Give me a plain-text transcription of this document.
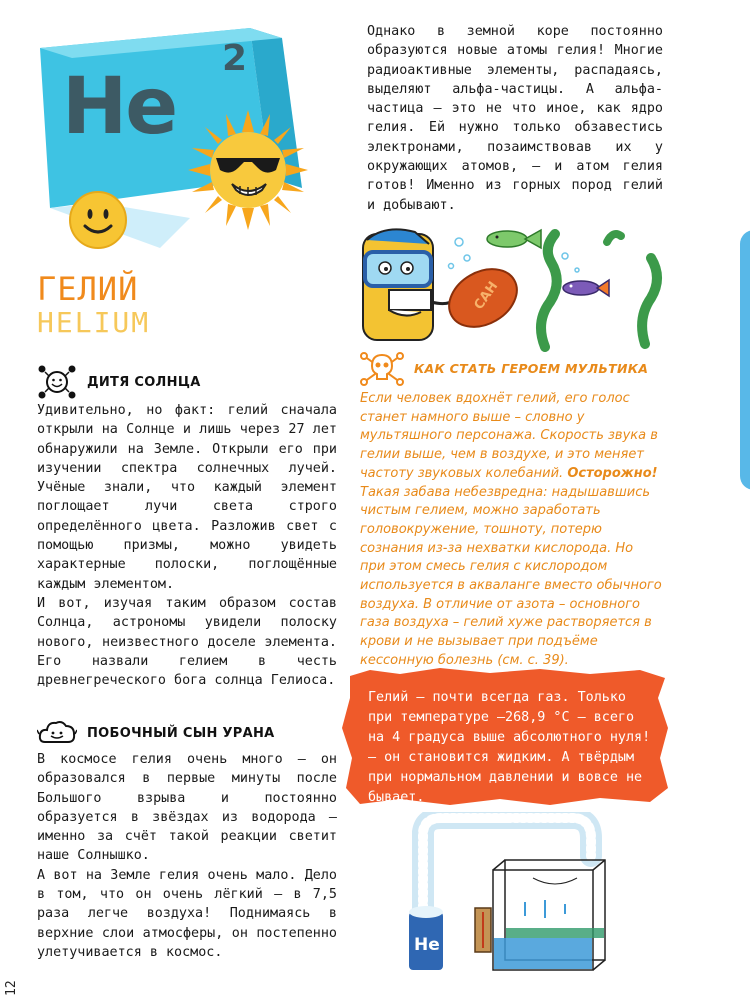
He
2
ГЕЛИЙ
HELIUM
ДИТЯ СОЛНЦА

Удивительно, но факт: гелий сначала открыли на Солнце и лишь через 27 лет обнаружили на Земле. Открыли его при изучении спектра солнечных лучей. Учёные знали, что каждый элемент поглощает лучи света строго определённого цвета. Разложив свет с помощью призмы, можно увидеть характерные полоски, поглощённые каждым элементом.

И вот, изучая таким образом состав Солнца, астрономы увидели полоску нового, неизвестного доселе элемента. Его назвали гелием в честь древнегреческого бога солнца Гелиоса.

ПОБОЧНЫЙ СЫН УРАНА

В космосе гелия очень много – он образовался в первые минуты после Большого взрыва и постоянно образуется в звёздах из водорода – именно за счёт такой реакции светит наше Солнышко.

А вот на Земле гелия очень мало. Дело в том, что он очень лёгкий – в 7,5 раза легче воздуха! Поднимаясь в верхние слои атмосферы, он постепенно улетучивается в космос.

Однако в земной коре постоянно образуются новые атомы гелия! Многие радиоактивные элементы, распадаясь, выделяют альфа-частицы. А альфа-частица – это не что иное, как ядро гелия. Ей нужно только обзавестись электронами, позаимствовав их у окружающих атомов, – и атом гелия готов! Именно из горных пород гелий и добывают.
САН
КАК СТАТЬ ГЕРОЕМ МУЛЬТИКА
Если человек вдохнёт гелий, его голос станет намного выше – словно у мультяшного персонажа. Скорость звука в гелии выше, чем в воздухе, и это меняет частоту звуковых колебаний. Осторожно! Такая забава небезвредна: надышавшись чистым гелием, можно заработать головокружение, тошноту, потерю сознания из-за нехватки кислорода. Но при этом смесь гелия с кислородом используется в акваланге вместо обычного воздуха. В отличие от азота – основного газа воздуха – гелий хуже растворяется в крови и не вызывает при подъёме кессонную болезнь (см. с. 39).
Гелий – почти всегда газ. Только при температуре –268,9 °C – всего на 4 градуса выше абсолютного нуля! – он становится жидким. А твёрдым при нормальном давлении и вовсе не бывает.
He
12
